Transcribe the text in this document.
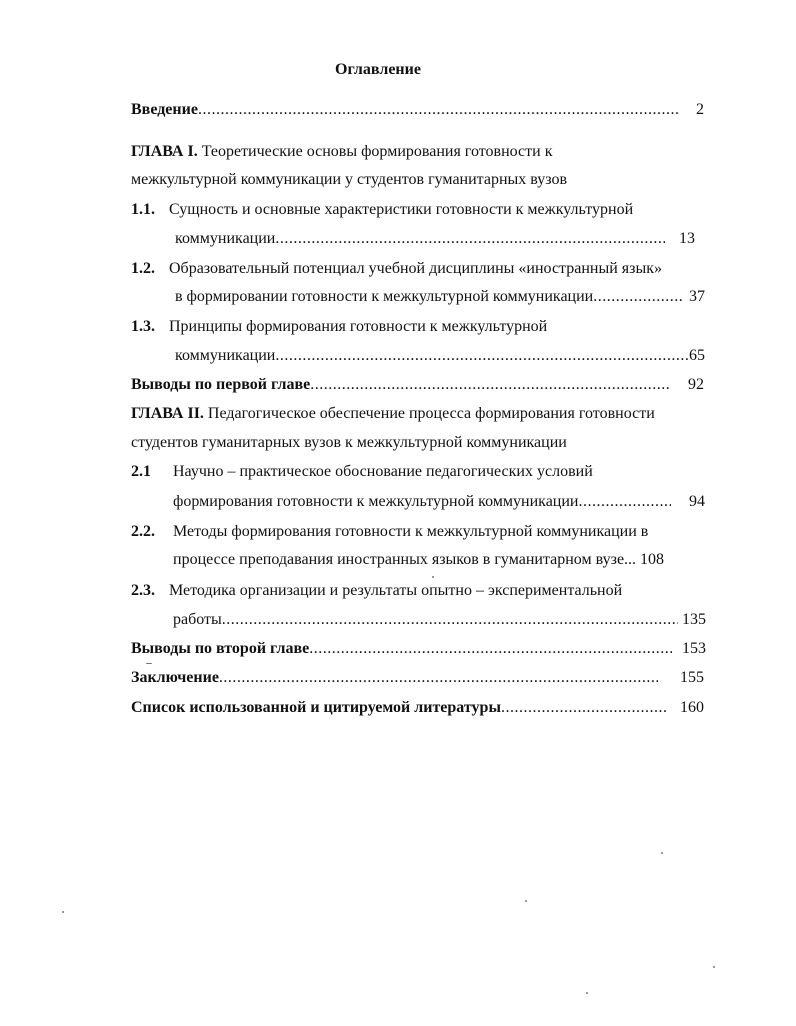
Оглавление
Введение .....	2
ГЛАВА I. Теоретические основы формирования готовности к
межкультурной коммуникации у студентов гуманитарных вузов
1.1. Сущность и основные характеристики готовности к межкультурной
коммуникации .....	13
1.2. Образовательный потенциал учебной дисциплины «иностранный язык»
в формировании готовности к межкультурной коммуникации .....	37
1.3. Принципы формирования готовности к межкультурной
коммуникации .....	65
Выводы по первой главе .....	92
ГЛАВА II. Педагогическое обеспечение процесса формирования готовности
студентов гуманитарных вузов к межкультурной коммуникации
2.1 Научно – практическое обоснование педагогических условий
формирования готовности к межкультурной коммуникации .....	94
2.2. Методы формирования готовности к межкультурной коммуникации в
процессе преподавания иностранных языков в гуманитарном вузе... 108
2.3. Методика организации и результаты опытно – экспериментальной
работы .....	135
Выводы по второй главе .....	153
Заключение .....	155
Список использованной и цитируемой литературы .....	160
